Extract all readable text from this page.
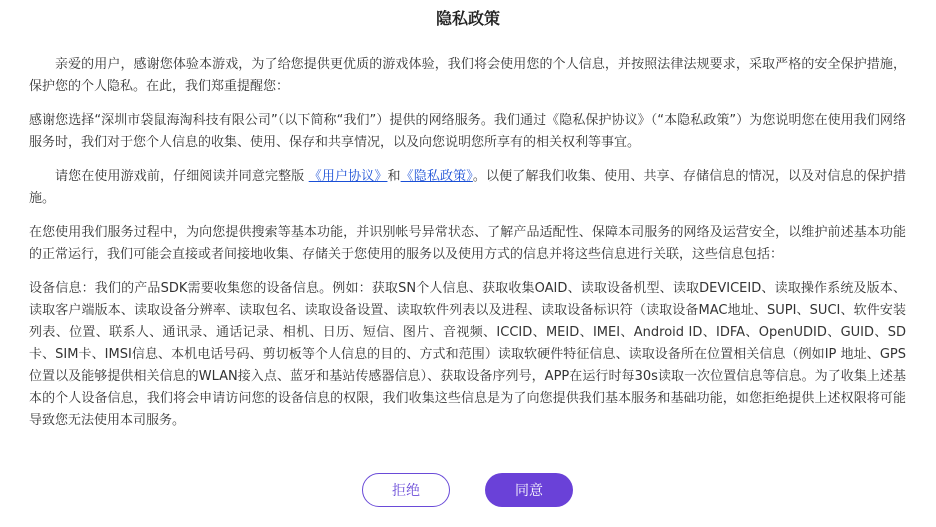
隐私政策

亲爱的用户，感谢您体验本游戏，为了给您提供更优质的游戏体验，我们将会使用您的个人信息，并按照法律法规要求，采取严格的安全保护措施，保护您的个人隐私。在此，我们郑重提醒您：

感谢您选择“深圳市袋鼠海淘科技有限公司”（以下简称“我们”）提供的网络服务。我们通过《隐私保护协议》（“本隐私政策”）为您说明您在使用我们网络服务时，我们对于您个人信息的收集、使用、保存和共享情况，以及向您说明您所享有的相关权利等事宜。

请您在使用游戏前，仔细阅读并同意完整版 《用户协议》和《隐私政策》。以便了解我们收集、使用、共享、存储信息的情况，以及对信息的保护措施。

在您使用我们服务过程中，为向您提供搜索等基本功能，并识别帐号异常状态、了解产品适配性、保障本司服务的网络及运营安全，以维护前述基本功能的正常运行，我们可能会直接或者间接地收集、存储关于您使用的服务以及使用方式的信息并将这些信息进行关联，这些信息包括：

设备信息：我们的产品SDK需要收集您的设备信息。例如：获取SN个人信息、获取收集OAID、读取设备机型、读取DEVICEID、读取操作系统及版本、读取客户端版本、读取设备分辨率、读取包名、读取设备设置、读取软件列表以及进程、读取设备标识符（读取设备MAC地址、SUPI、SUCI、软件安装列表、位置、联系人、通讯录、通话记录、相机、日历、短信、图片、音视频、ICCID、MEID、IMEI、Android ID、IDFA、OpenUDID、GUID、SD卡、SIM卡、IMSI信息、本机电话号码、剪切板等个人信息的目的、方式和范围）读取软硬件特征信息、读取设备所在位置相关信息（例如IP 地址、GPS位置以及能够提供相关信息的WLAN接入点、蓝牙和基站传感器信息）、获取设备序列号，APP在运行时每30s读取一次位置信息等信息。为了收集上述基本的个人设备信息，我们将会申请访问您的设备信息的权限，我们收集这些信息是为了向您提供我们基本服务和基础功能，如您拒绝提供上述权限将可能导致您无法使用本司服务。

拒绝	同意
